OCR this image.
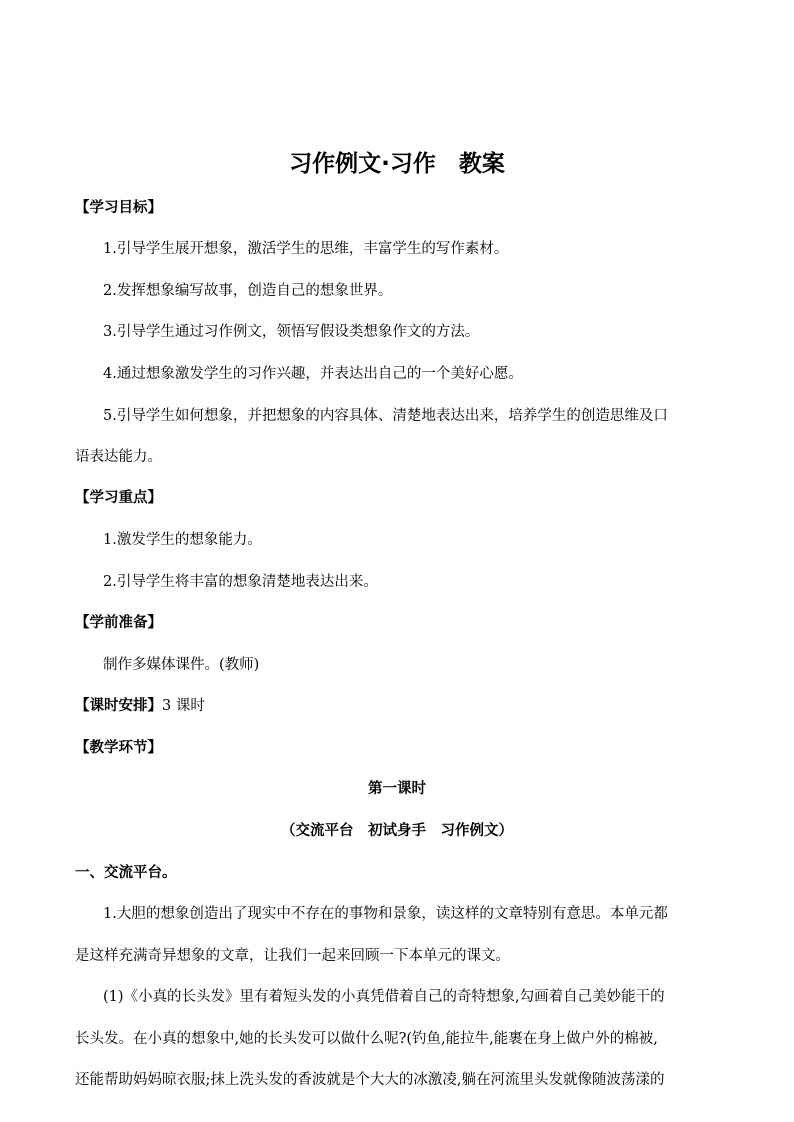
习作例文·习作　教案
【学习目标】
1.引导学生展开想象，激活学生的思维，丰富学生的写作素材。
2.发挥想象编写故事，创造自己的想象世界。
3.引导学生通过习作例文，领悟写假设类想象作文的方法。
4.通过想象激发学生的习作兴趣，并表达出自己的一个美好心愿。
5.引导学生如何想象，并把想象的内容具体、清楚地表达出来，培养学生的创造思维及口
语表达能力。
【学习重点】
1.激发学生的想象能力。
2.引导学生将丰富的想象清楚地表达出来。
【学前准备】
制作多媒体课件。(教师)
【课时安排】3 课时
【教学环节】
第一课时
（交流平台　初试身手　习作例文）
一、交流平台。
1.大胆的想象创造出了现实中不存在的事物和景象，读这样的文章特别有意思。本单元都
是这样充满奇异想象的文章，让我们一起来回顾一下本单元的课文。
(1)《小真的长头发》里有着短头发的小真凭借着自己的奇特想象,勾画着自己美妙能干的
长头发。在小真的想象中,她的长头发可以做什么呢?(钓鱼,能拉牛,能裹在身上做户外的棉被,
还能帮助妈妈晾衣服;抹上洗头发的香波就是个大大的冰激凌,躺在河流里头发就像随波荡漾的
